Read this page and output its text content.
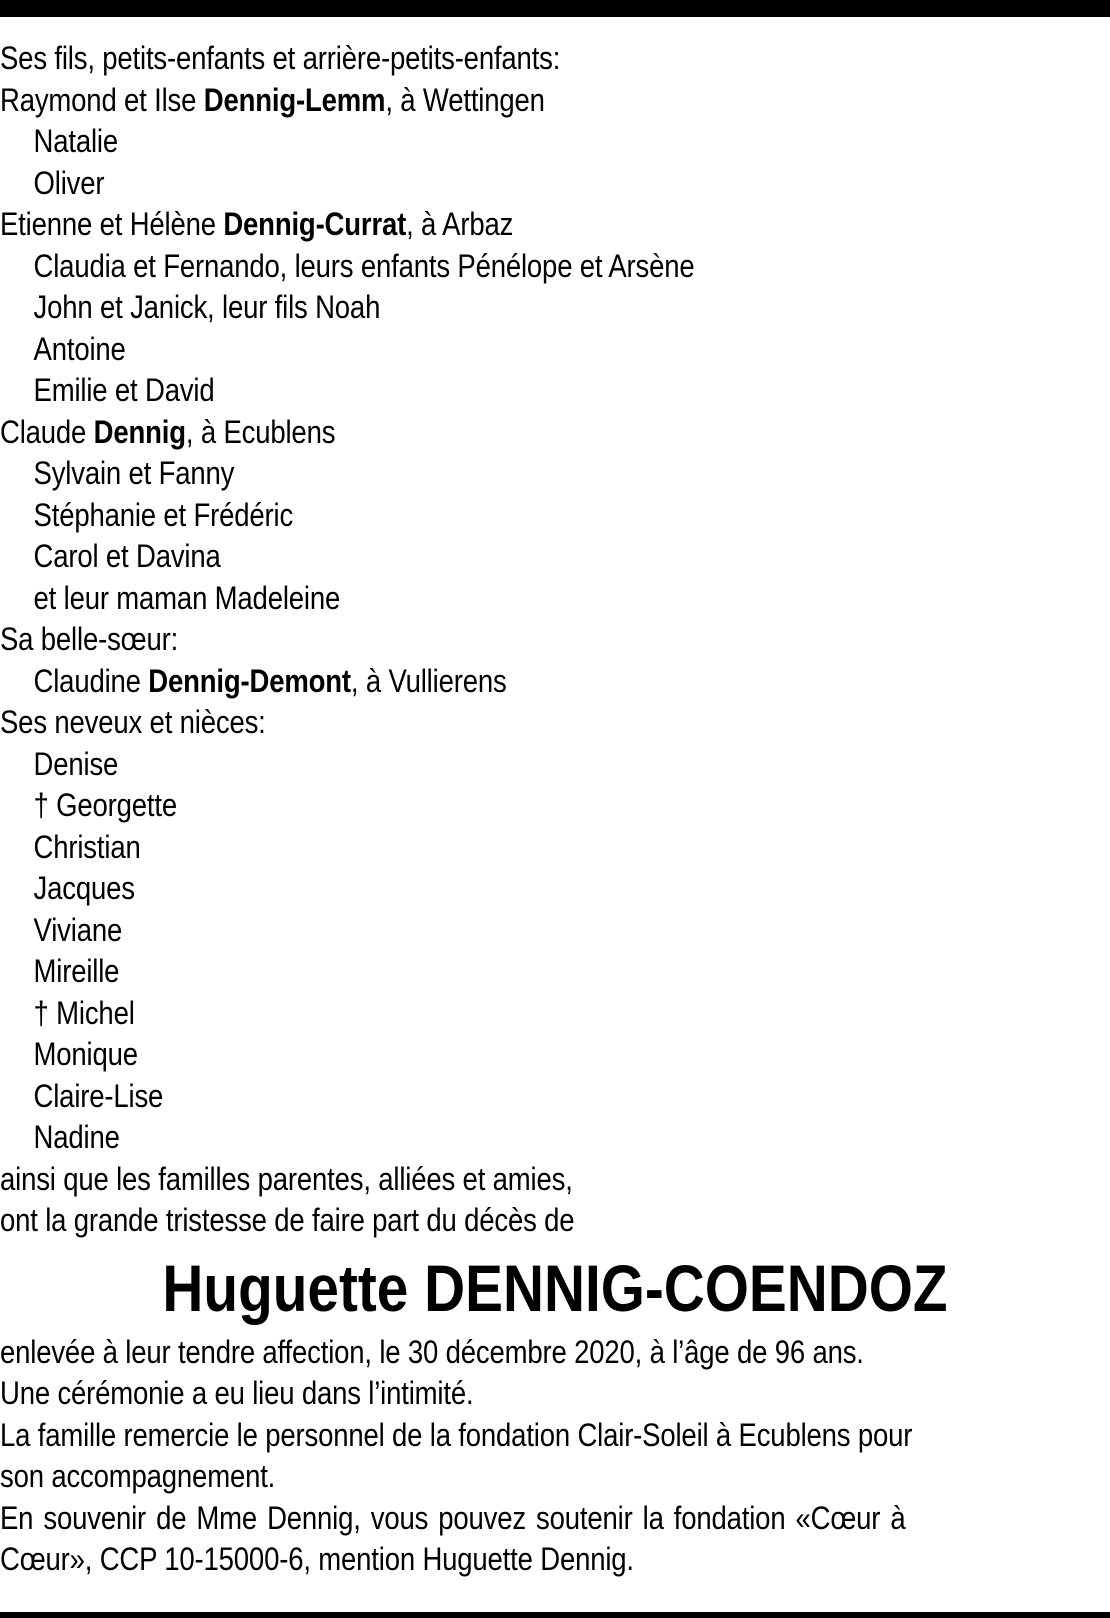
Ses fils, petits-enfants et arrière-petits-enfants:
Raymond et Ilse Dennig-Lemm, à Wettingen
Natalie
Oliver
Etienne et Hélène Dennig-Currat, à Arbaz
Claudia et Fernando, leurs enfants Pénélope et Arsène
John et Janick, leur fils Noah
Antoine
Emilie et David
Claude Dennig, à Ecublens
Sylvain et Fanny
Stéphanie et Frédéric
Carol et Davina
et leur maman Madeleine
Sa belle-sœur:
Claudine Dennig-Demont, à Vullierens
Ses neveux et nièces:
Denise
† Georgette
Christian
Jacques
Viviane
Mireille
† Michel
Monique
Claire-Lise
Nadine
ainsi que les familles parentes, alliées et amies,
ont la grande tristesse de faire part du décès de
Huguette DENNIG-COENDOZ
enlevée à leur tendre affection, le 30 décembre 2020, à l’âge de 96 ans.
Une cérémonie a eu lieu dans l’intimité.
La famille remercie le personnel de la fondation Clair-Soleil à Ecublens pour
son accompagnement.
En souvenir de Mme Dennig, vous pouvez soutenir la fondation «Cœur à
Cœur», CCP 10-15000-6, mention Huguette Dennig.
